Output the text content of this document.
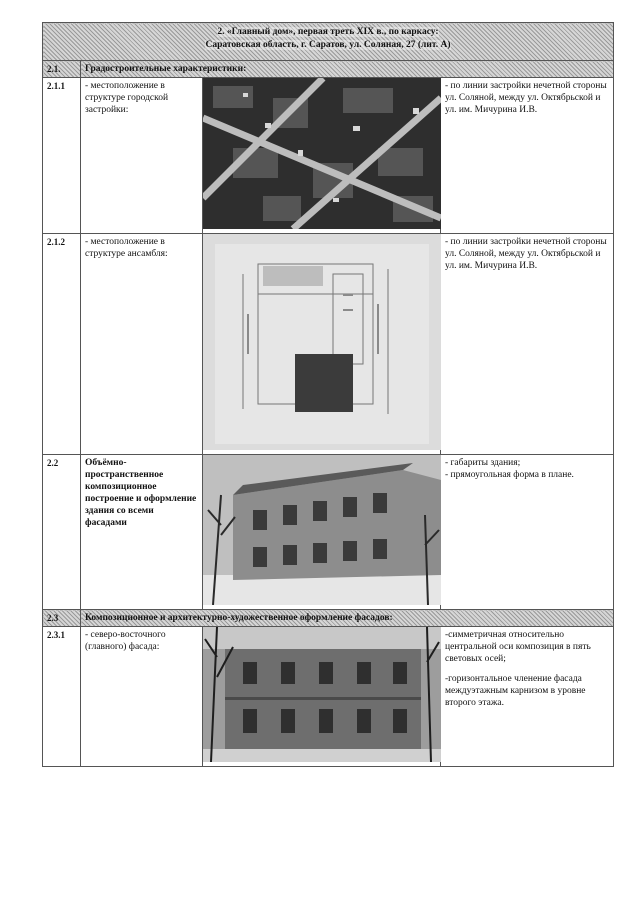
2. «Главный дом», первая треть XIX в., по каркасу:
Саратовская область, г. Саратов, ул. Соляная, 27 (лит. А)			
2.1.	Градостроительные характеристики:		
2.1.1	- местоположение в структуре городской застройки:		- по линии застройки нечетной стороны ул. Соляной, между ул. Октябрьской и ул. им. Мичурина И.В.
2.1.2	- местоположение в структуре ансамбля:		- по линии застройки нечетной стороны ул. Соляной, между ул. Октябрьской и ул. им. Мичурина И.В.
2.2	Объёмно-пространственное композиционное построение и оформление здания со всеми фасадами		- габариты здания;
- прямоугольная форма в плане.

2.3	Композиционное и архитектурно-художественное оформление фасадов:		
2.3.1	- северо-восточного (главного) фасада:		-симметричная относительно центральной оси композиция в пять световых осей;
-горизонтальное членение фасада междуэтажным карнизом в уровне второго этажа.
